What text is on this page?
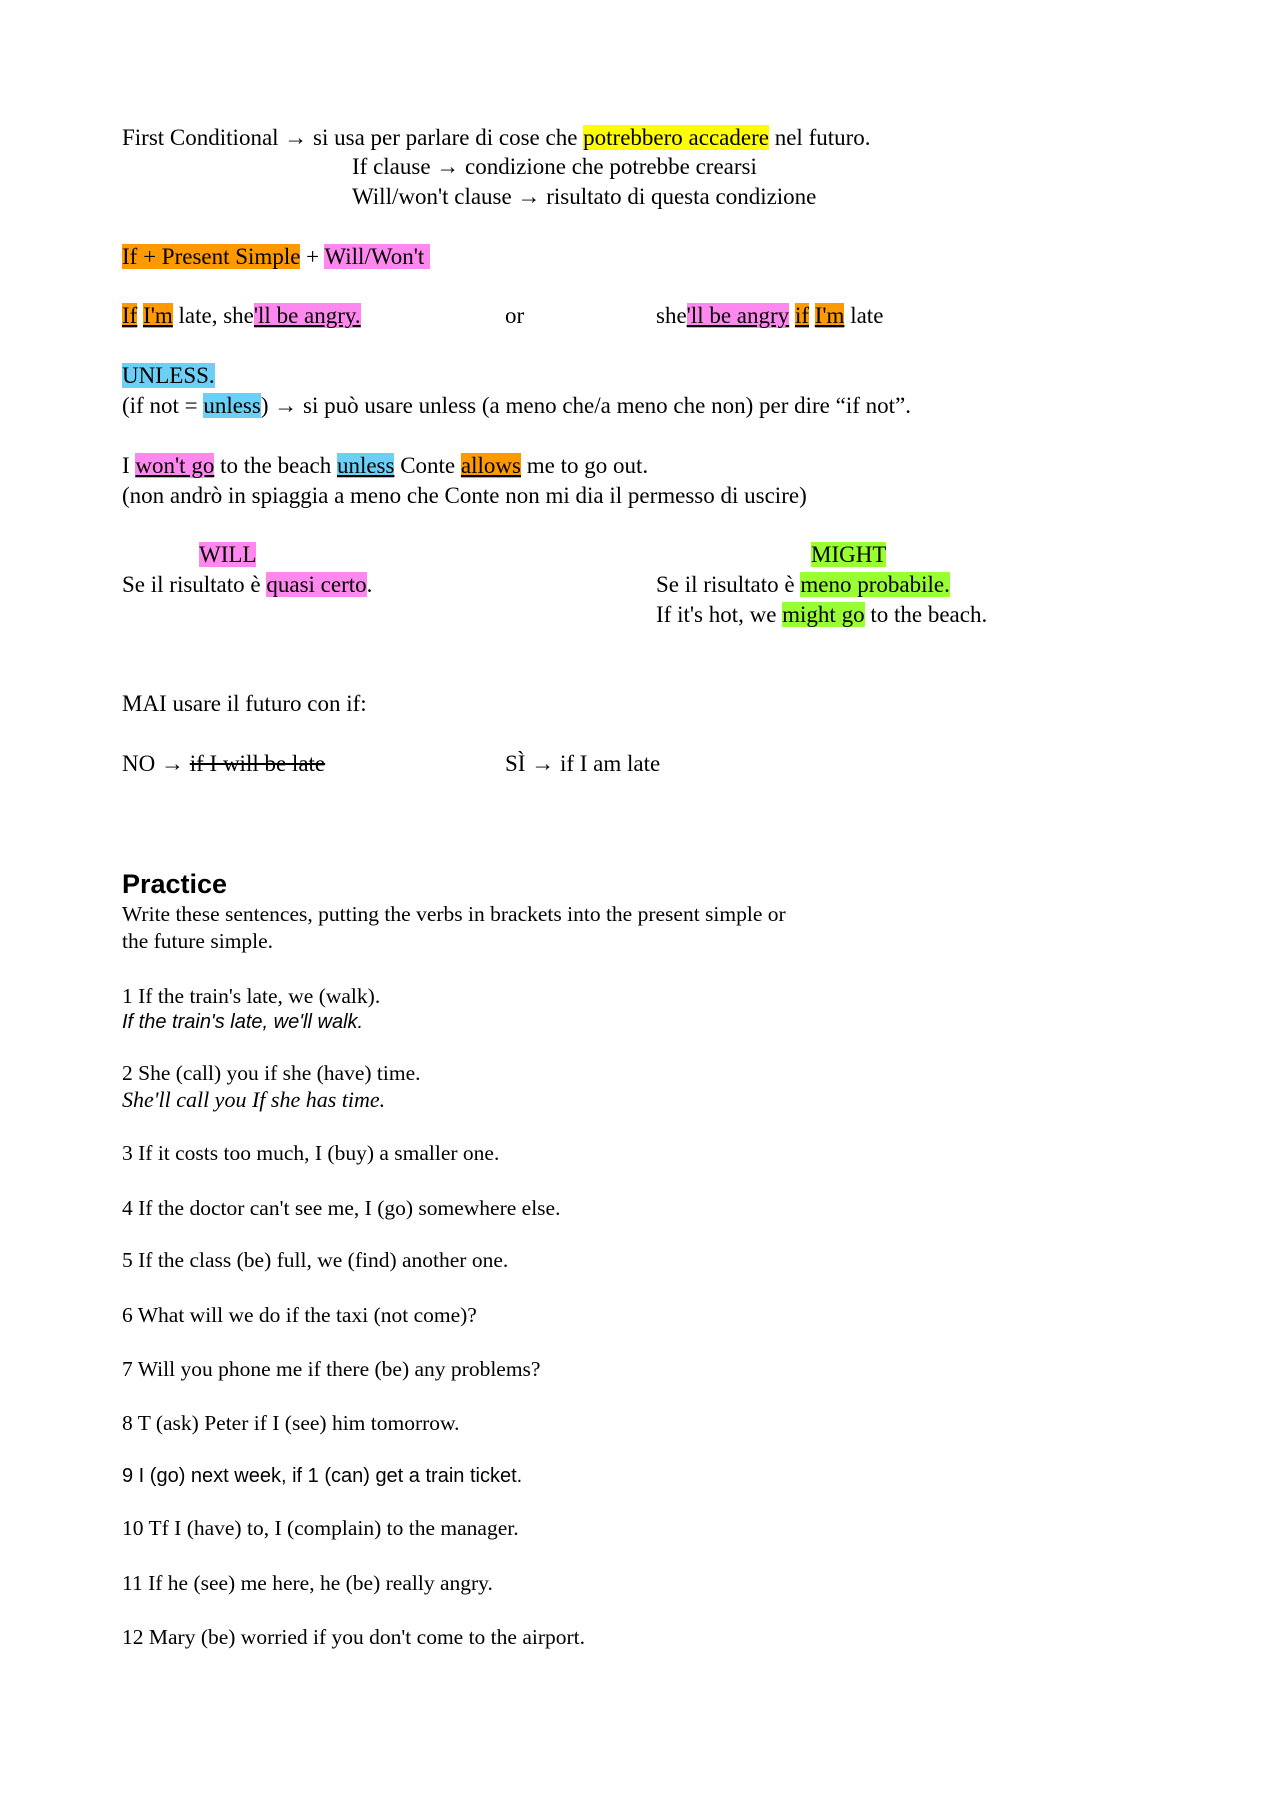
First Conditional → si usa per parlare di cose che potrebbero accadere nel futuro.
If clause → condizione che potrebbe crearsi
Will/won't clause → risultato di questa condizione
If + Present Simple + Will/Won't
If I'm late, she'll be angry.	or	she'll be angry if I'm late
UNLESS.
(if not = unless) → si può usare unless (a meno che/a meno che non) per dire “if not”.
I won't go to the beach unless Conte allows me to go out.
(non andrò in spiaggia a meno che Conte non mi dia il permesso di uscire)
WILL
Se il risultato è quasi certo.
MIGHT
Se il risultato è meno probabile.
If it's hot, we might go to the beach.
MAI usare il futuro con if:
NO → if I will be late	SÌ → if I am late
Practice
Write these sentences, putting the verbs in brackets into the present simple or
the future simple.
1 If the train's late, we (walk).
If the train's late, we'll walk.
2 She (call) you if she (have) time.
She'll call you If she has time.
3 If it costs too much, I (buy) a smaller one.
4 If the doctor can't see me, I (go) somewhere else.
5 If the class (be) full, we (find) another one.
6 What will we do if the taxi (not come)?
7 Will you phone me if there (be) any problems?
8 T (ask) Peter if I (see) him tomorrow.
9 I (go) next week, if 1 (can) get a train ticket.
10 Tf I (have) to, I (complain) to the manager.
11 If he (see) me here, he (be) really angry.
12 Mary (be) worried if you don't come to the airport.
